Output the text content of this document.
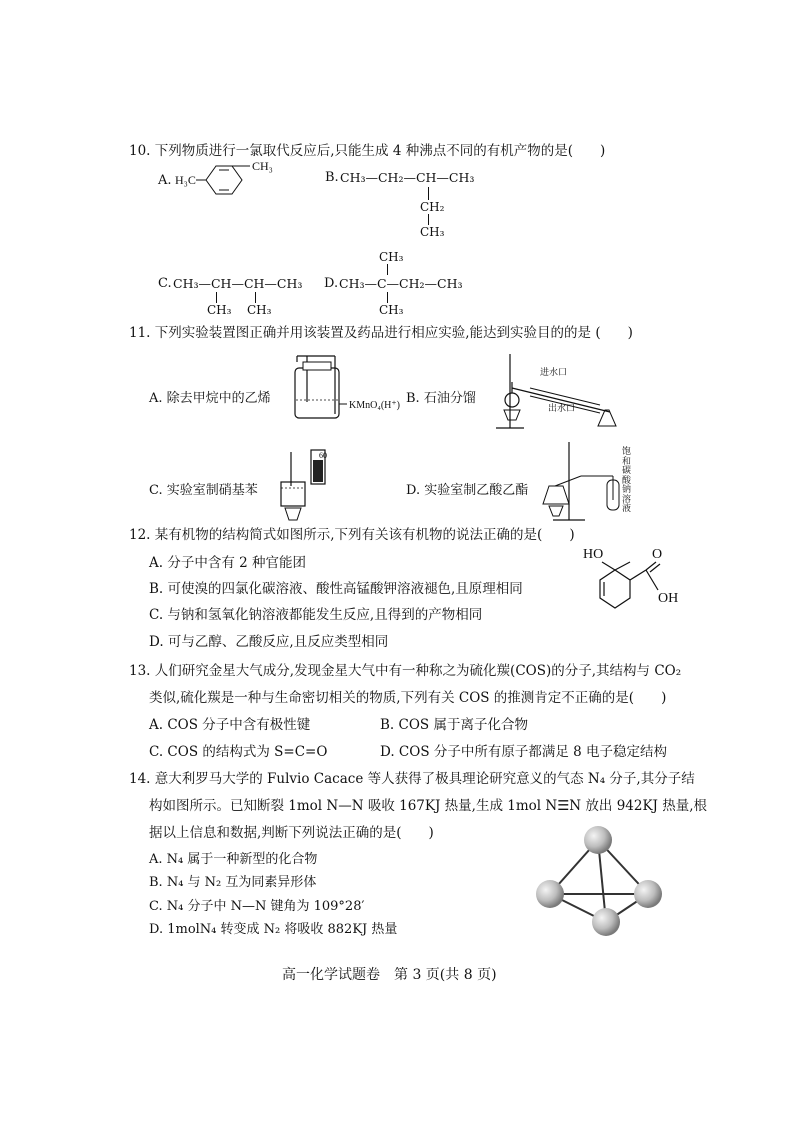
10. 下列物质进行一氯取代反应后,只能生成 4 种沸点不同的有机产物的是(　　)
A. H₃C
CH₃
B. CH₃—CH₂—CH—CH₃
CH₂
CH₃
C. CH₃—CH—CH—CH₃
CH₃ CH₃
D.
CH₃
CH₃—C—CH₂—CH₃
CH₃
11. 下列实验装置图正确并用该装置及药品进行相应实验,能达到实验目的的是 (　　)
A. 除去甲烷中的乙烯	KMnO₄(H⁺) B. 石油分馏
进水口
出水口
C. 实验室制硝基苯
60
D. 实验室制乙酸乙酯
饱
和
碳
酸
钠
溶
液
12. 某有机物的结构简式如图所示,下列有关该有机物的说法正确的是(　　)
A. 分子中含有 2 种官能团
B. 可使溴的四氯化碳溶液、酸性高锰酸钾溶液褪色,且原理相同
C. 与钠和氢氧化钠溶液都能发生反应,且得到的产物相同
D. 可与乙醇、乙酸反应,且反应类型相同
HO	O
OH
13. 人们研究金星大气成分,发现金星大气中有一种称之为硫化羰(COS)的分子,其结构与 CO₂
类似,硫化羰是一种与生命密切相关的物质,下列有关 COS 的推测肯定不正确的是(　　)
A. COS 分子中含有极性键	B. COS 属于离子化合物
C. COS 的结构式为 S=C=O	D. COS 分子中所有原子都满足 8 电子稳定结构
14. 意大利罗马大学的 Fulvio Cacace 等人获得了极具理论研究意义的气态 N₄ 分子,其分子结
构如图所示。已知断裂 1mol N—N 吸收 167KJ 热量,生成 1mol N☰N 放出 942KJ 热量,根
据以上信息和数据,判断下列说法正确的是(　　)
A. N₄ 属于一种新型的化合物
B. N₄ 与 N₂ 互为同素异形体
C. N₄ 分子中 N—N 键角为 109°28′
D. 1molN₄ 转变成 N₂ 将吸收 882KJ 热量
高一化学试题卷　第 3 页(共 8 页)
